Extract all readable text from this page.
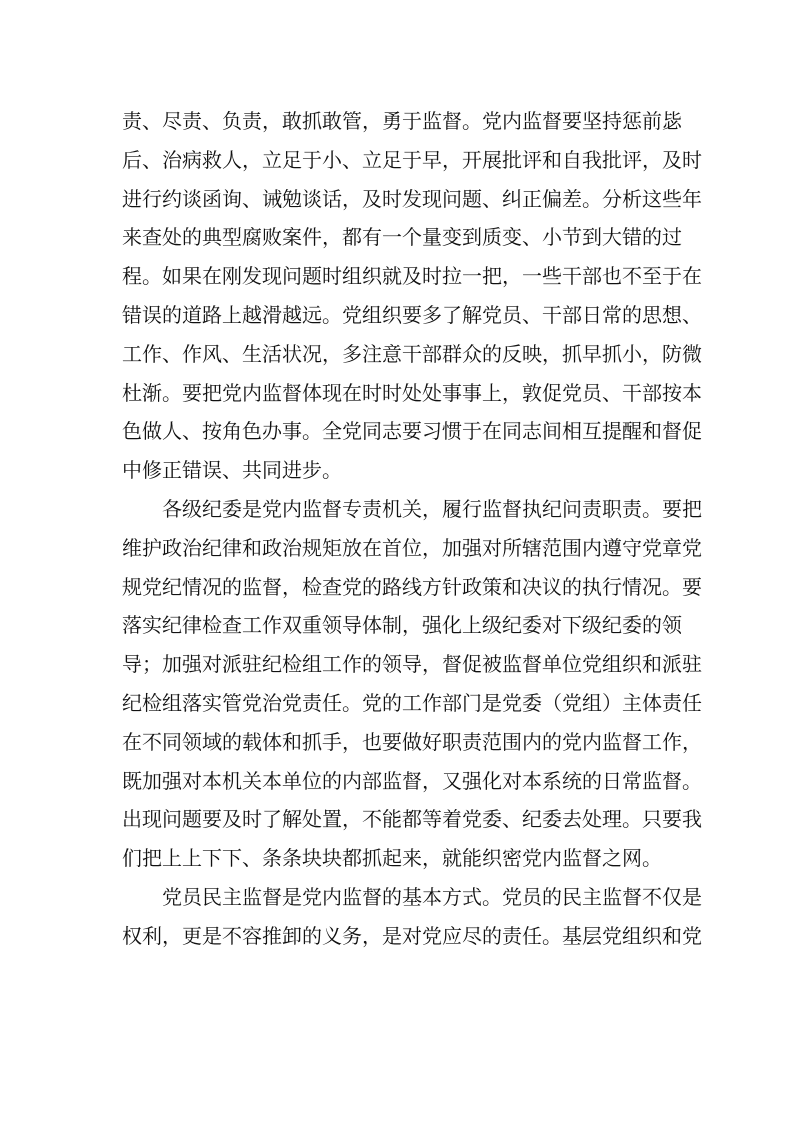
责、尽责、负责，敢抓敢管，勇于监督。党内监督要坚持惩前毖
后、治病救人，立足于小、立足于早，开展批评和自我批评，及时
进行约谈函询、诫勉谈话，及时发现问题、纠正偏差。分析这些年
来查处的典型腐败案件，都有一个量变到质变、小节到大错的过
程。如果在刚发现问题时组织就及时拉一把，一些干部也不至于在
错误的道路上越滑越远。党组织要多了解党员、干部日常的思想、
工作、作风、生活状况，多注意干部群众的反映，抓早抓小，防微
杜渐。要把党内监督体现在时时处处事事上，敦促党员、干部按本
色做人、按角色办事。全党同志要习惯于在同志间相互提醒和督促
中修正错误、共同进步。
各级纪委是党内监督专责机关，履行监督执纪问责职责。要把
维护政治纪律和政治规矩放在首位，加强对所辖范围内遵守党章党
规党纪情况的监督，检查党的路线方针政策和决议的执行情况。要
落实纪律检查工作双重领导体制，强化上级纪委对下级纪委的领
导；加强对派驻纪检组工作的领导，督促被监督单位党组织和派驻
纪检组落实管党治党责任。党的工作部门是党委（党组）主体责任
在不同领域的载体和抓手，也要做好职责范围内的党内监督工作，
既加强对本机关本单位的内部监督，又强化对本系统的日常监督。
出现问题要及时了解处置，不能都等着党委、纪委去处理。只要我
们把上上下下、条条块块都抓起来，就能织密党内监督之网。
党员民主监督是党内监督的基本方式。党员的民主监督不仅是
权利，更是不容推卸的义务，是对党应尽的责任。基层党组织和党
